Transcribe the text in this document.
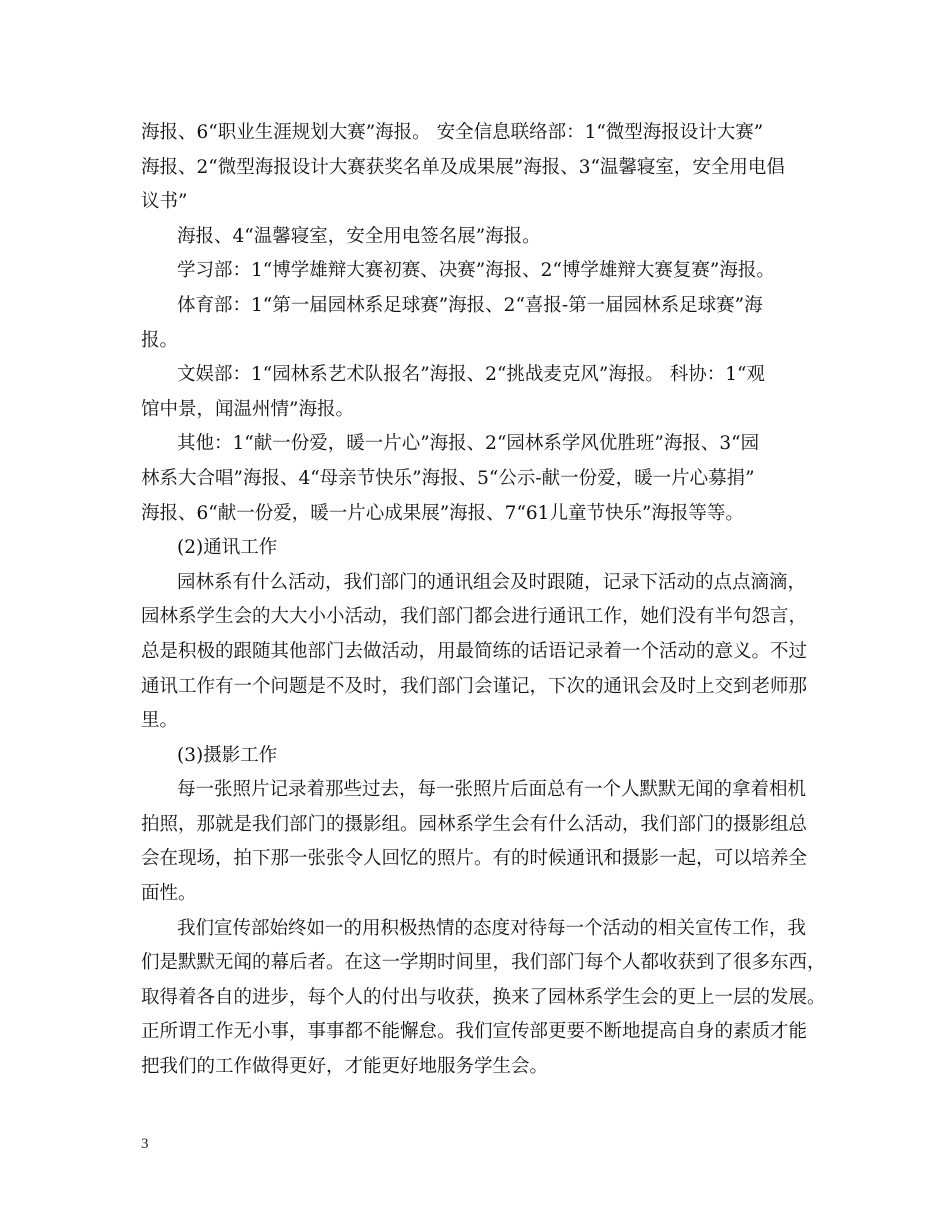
海报、6“职业生涯规划大赛”海报。 安全信息联络部：1“微型海报设计大赛”
海报、2“微型海报设计大赛获奖名单及成果展”海报、3“温馨寝室，安全用电倡
议书”
海报、4“温馨寝室，安全用电签名展”海报。
学习部：1“博学雄辩大赛初赛、决赛”海报、2“博学雄辩大赛复赛”海报。
体育部：1“第一届园林系足球赛”海报、2“喜报-第一届园林系足球赛”海
报。
文娱部：1“园林系艺术队报名”海报、2“挑战麦克风”海报。 科协：1“观
馆中景，闻温州情”海报。
其他：1“献一份爱，暖一片心”海报、2“园林系学风优胜班”海报、3“园
林系大合唱”海报、4“母亲节快乐”海报、5“公示-献一份爱，暖一片心募捐”
海报、6“献一份爱，暖一片心成果展”海报、7“61儿童节快乐”海报等等。
(2)通讯工作
园林系有什么活动，我们部门的通讯组会及时跟随，记录下活动的点点滴滴，
园林系学生会的大大小小活动，我们部门都会进行通讯工作，她们没有半句怨言，
总是积极的跟随其他部门去做活动，用最简练的话语记录着一个活动的意义。不过
通讯工作有一个问题是不及时，我们部门会谨记，下次的通讯会及时上交到老师那
里。
(3)摄影工作
每一张照片记录着那些过去，每一张照片后面总有一个人默默无闻的拿着相机
拍照，那就是我们部门的摄影组。园林系学生会有什么活动，我们部门的摄影组总
会在现场，拍下那一张张令人回忆的照片。有的时候通讯和摄影一起，可以培养全
面性。
我们宣传部始终如一的用积极热情的态度对待每一个活动的相关宣传工作，我
们是默默无闻的幕后者。在这一学期时间里，我们部门每个人都收获到了很多东西，
取得着各自的进步，每个人的付出与收获，换来了园林系学生会的更上一层的发展。
正所谓工作无小事，事事都不能懈怠。我们宣传部更要不断地提高自身的素质才能
把我们的工作做得更好，才能更好地服务学生会。
3
